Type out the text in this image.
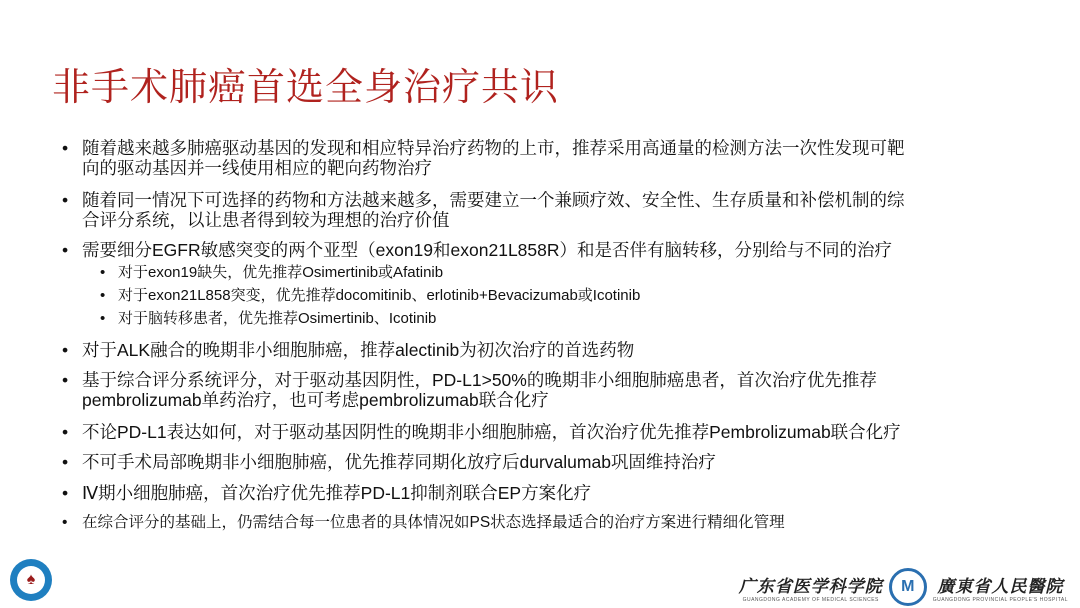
非手术肺癌首选全身治疗共识
• 随着越来越多肺癌驱动基因的发现和相应特异治疗药物的上市，推荐采用高通量的检测方法一次性发现可靶
向的驱动基因并一线使用相应的靶向药物治疗
• 随着同一情况下可选择的药物和方法越来越多，需要建立一个兼顾疗效、安全性、生存质量和补偿机制的综
合评分系统，以让患者得到较为理想的治疗价值
• 需要细分EGFR敏感突变的两个亚型（exon19和exon21L858R）和是否伴有脑转移，分别给与不同的治疗
• 对于exon19缺失，优先推荐Osimertinib或Afatinib
• 对于exon21L858突变，优先推荐docomitinib、erlotinib+Bevacizumab或Icotinib
• 对于脑转移患者，优先推荐Osimertinib、Icotinib
• 对于ALK融合的晚期非小细胞肺癌，推荐alectinib为初次治疗的首选药物
• 基于综合评分系统评分，对于驱动基因阴性，PD-L1>50%的晚期非小细胞肺癌患者，首次治疗优先推荐
pembrolizumab单药治疗，也可考虑pembrolizumab联合化疗
• 不论PD-L1表达如何，对于驱动基因阴性的晚期非小细胞肺癌，首次治疗优先推荐Pembrolizumab联合化疗
• 不可手术局部晚期非小细胞肺癌，优先推荐同期化放疗后durvalumab巩固维持治疗
• Ⅳ期小细胞肺癌，首次治疗优先推荐PD-L1抑制剂联合EP方案化疗
• 在综合评分的基础上，仍需结合每一位患者的具体情况如PS状态选择最适合的治疗方案进行精细化管理
♠	广东省医学科学院
GUANGDONG ACADEMY OF MEDICAL SCIENCES
M	廣東省人民醫院
GUANGDONG PROVINCIAL PEOPLE'S HOSPITAL
